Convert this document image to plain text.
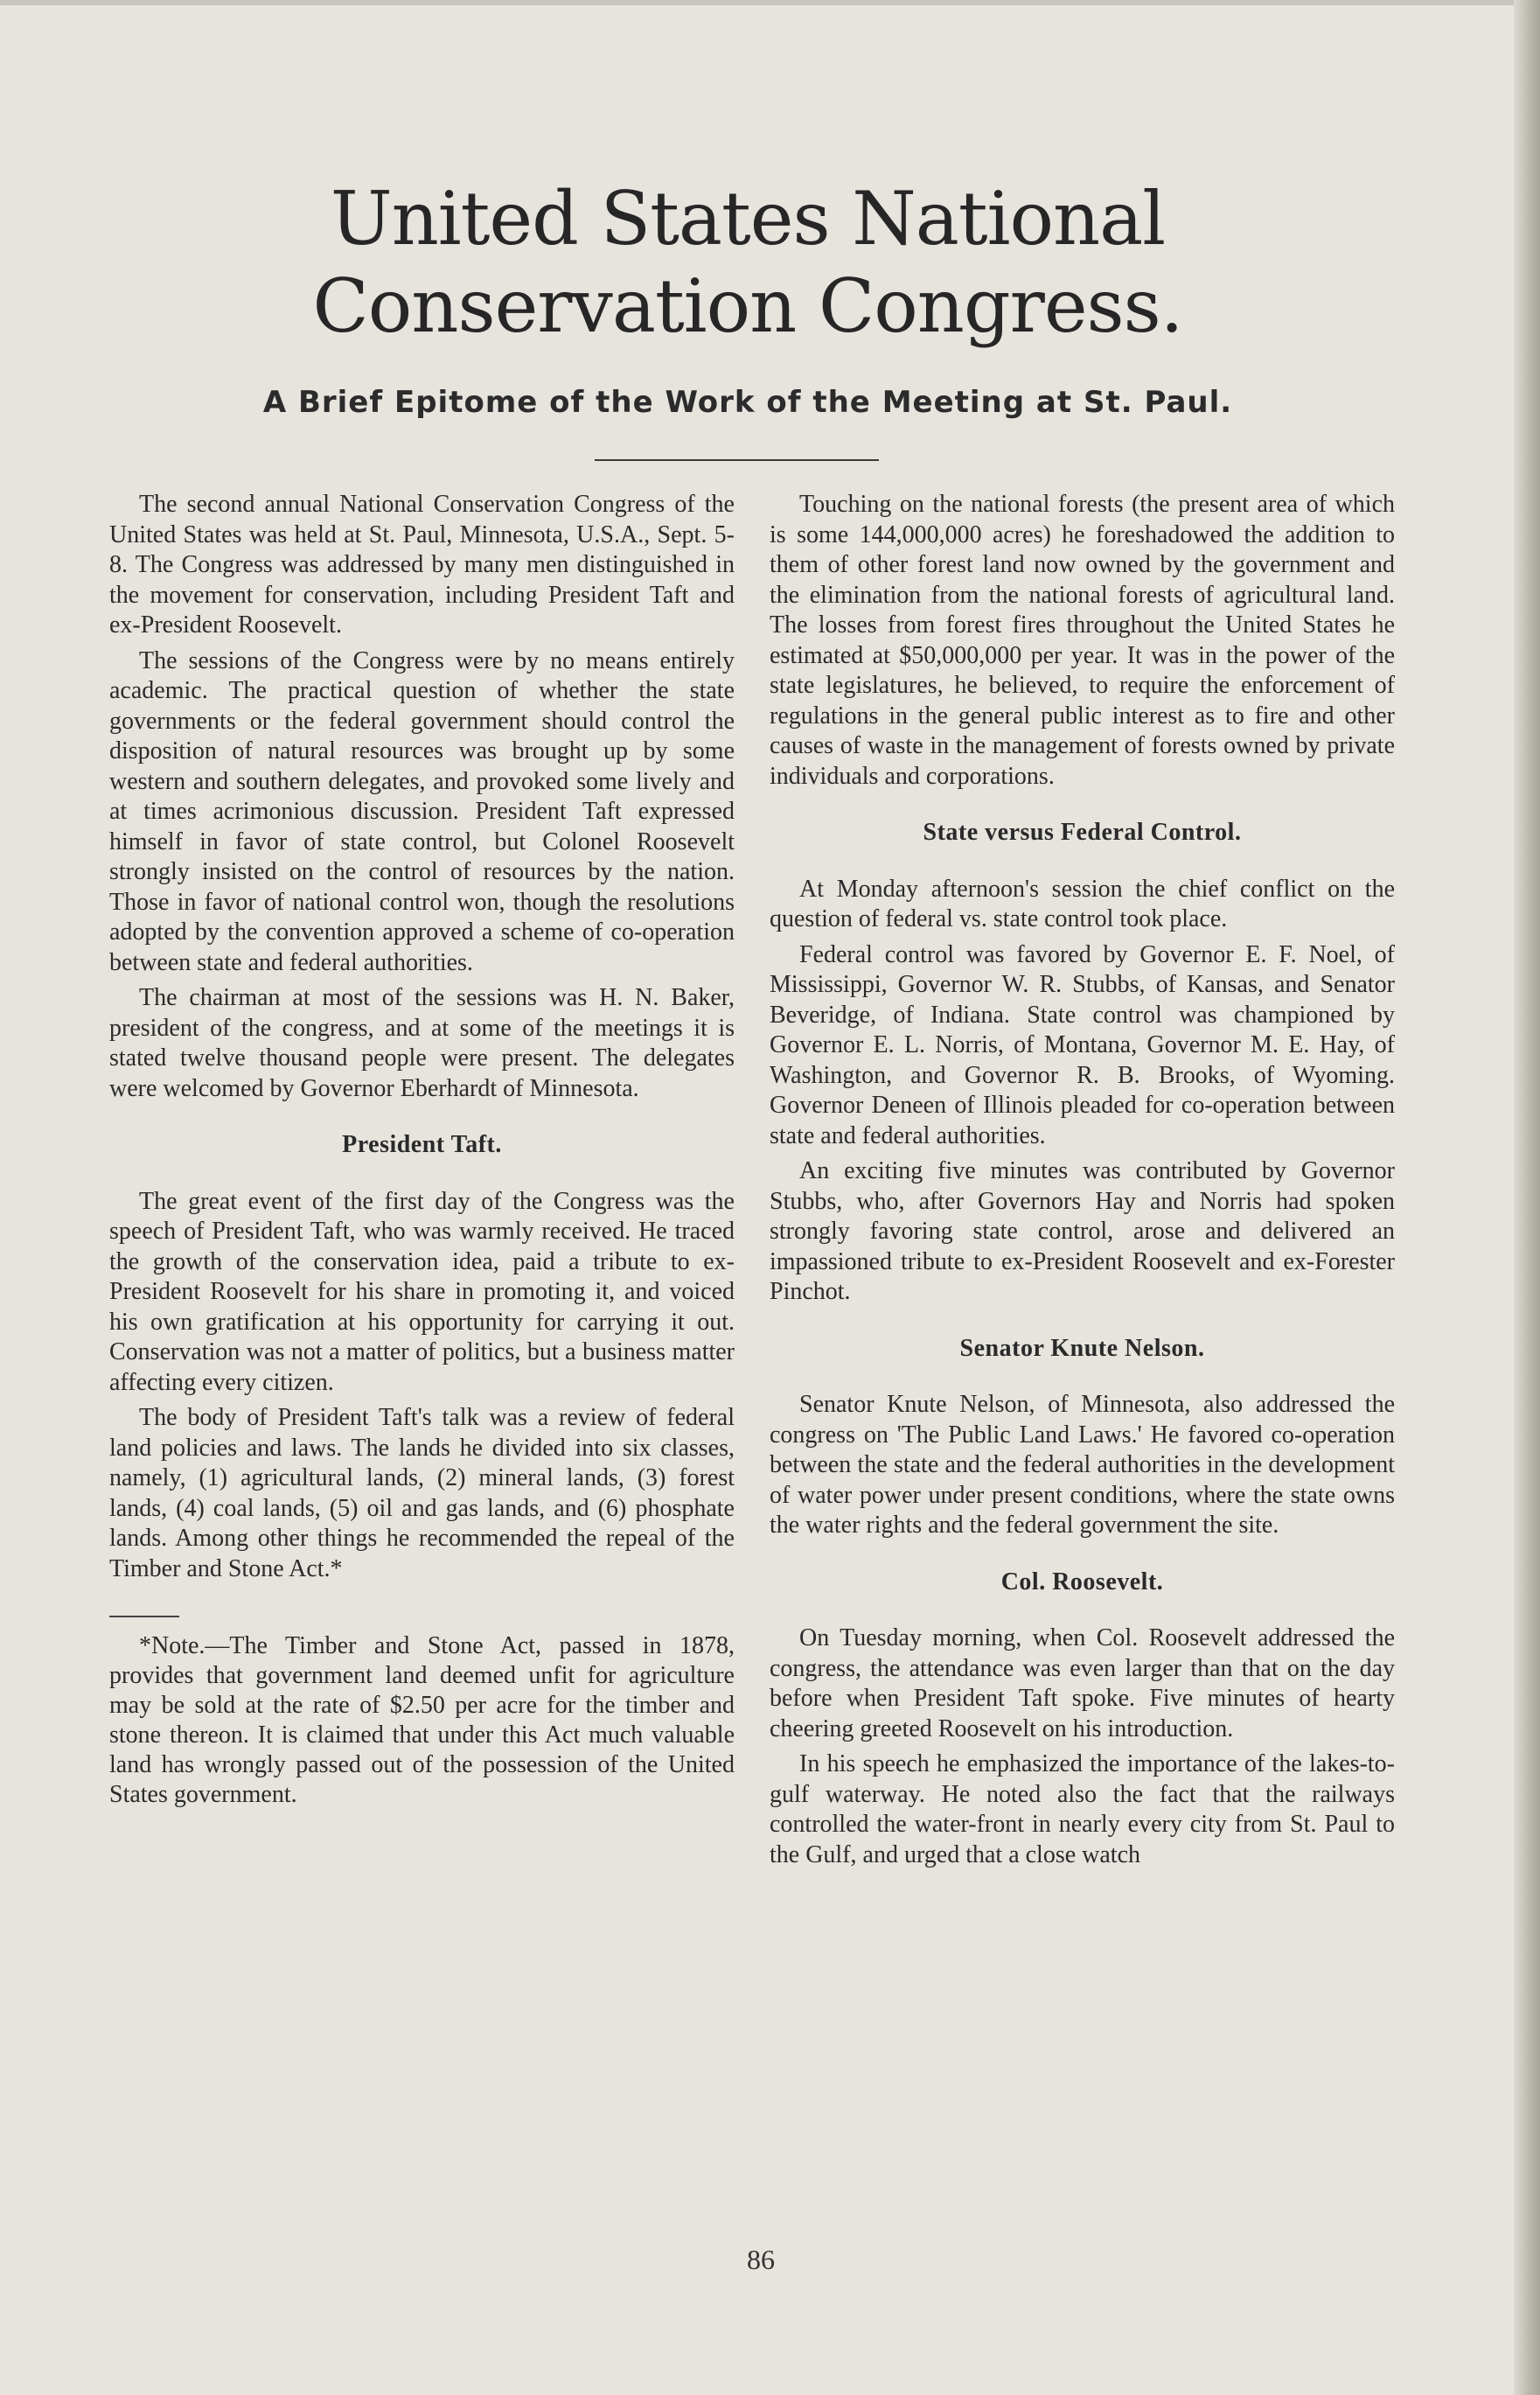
United States National Conservation Congress.
A Brief Epitome of the Work of the Meeting at St. Paul.

The second annual National Conservation Congress of the United States was held at St. Paul, Minnesota, U.S.A., Sept. 5-8. The Congress was addressed by many men distinguished in the movement for conservation, including President Taft and ex-President Roosevelt.

The sessions of the Congress were by no means entirely academic. The practical question of whether the state governments or the federal government should control the disposition of natural resources was brought up by some western and southern delegates, and provoked some lively and at times acrimonious discussion. President Taft expressed himself in favor of state control, but Colonel Roosevelt strongly insisted on the control of resources by the nation. Those in favor of national control won, though the resolutions adopted by the convention approved a scheme of co-operation between state and federal authorities.

The chairman at most of the sessions was H. N. Baker, president of the congress, and at some of the meetings it is stated twelve thousand people were present. The delegates were welcomed by Governor Eberhardt of Minnesota.

President Taft.

The great event of the first day of the Congress was the speech of President Taft, who was warmly received. He traced the growth of the conservation idea, paid a tribute to ex-President Roosevelt for his share in promoting it, and voiced his own gratification at his opportunity for carrying it out. Conservation was not a matter of politics, but a business matter affecting every citizen.

The body of President Taft's talk was a review of federal land policies and laws. The lands he divided into six classes, namely, (1) agricultural lands, (2) mineral lands, (3) forest lands, (4) coal lands, (5) oil and gas lands, and (6) phosphate lands. Among other things he recommended the repeal of the Timber and Stone Act.*

*Note.—The Timber and Stone Act, passed in 1878, provides that government land deemed unfit for agriculture may be sold at the rate of $2.50 per acre for the timber and stone thereon. It is claimed that under this Act much valuable land has wrongly passed out of the possession of the United States government.

Touching on the national forests (the present area of which is some 144,000,000 acres) he foreshadowed the addition to them of other forest land now owned by the government and the elimination from the national forests of agricultural land. The losses from forest fires throughout the United States he estimated at $50,000,000 per year. It was in the power of the state legislatures, he believed, to require the enforcement of regulations in the general public interest as to fire and other causes of waste in the management of forests owned by private individuals and corporations.

State versus Federal Control.

At Monday afternoon's session the chief conflict on the question of federal vs. state control took place.

Federal control was favored by Governor E. F. Noel, of Mississippi, Governor W. R. Stubbs, of Kansas, and Senator Beveridge, of Indiana. State control was championed by Governor E. L. Norris, of Montana, Governor M. E. Hay, of Washington, and Governor R. B. Brooks, of Wyoming. Governor Deneen of Illinois pleaded for co-operation between state and federal authorities.

An exciting five minutes was contributed by Governor Stubbs, who, after Governors Hay and Norris had spoken strongly favoring state control, arose and delivered an impassioned tribute to ex-President Roosevelt and ex-Forester Pinchot.

Senator Knute Nelson.

Senator Knute Nelson, of Minnesota, also addressed the congress on 'The Public Land Laws.' He favored co-operation between the state and the federal authorities in the development of water power under present conditions, where the state owns the water rights and the federal government the site.

Col. Roosevelt.

On Tuesday morning, when Col. Roosevelt addressed the congress, the attendance was even larger than that on the day before when President Taft spoke. Five minutes of hearty cheering greeted Roosevelt on his introduction.

In his speech he emphasized the importance of the lakes-to-gulf waterway. He noted also the fact that the railways controlled the water-front in nearly every city from St. Paul to the Gulf, and urged that a close watch

86
